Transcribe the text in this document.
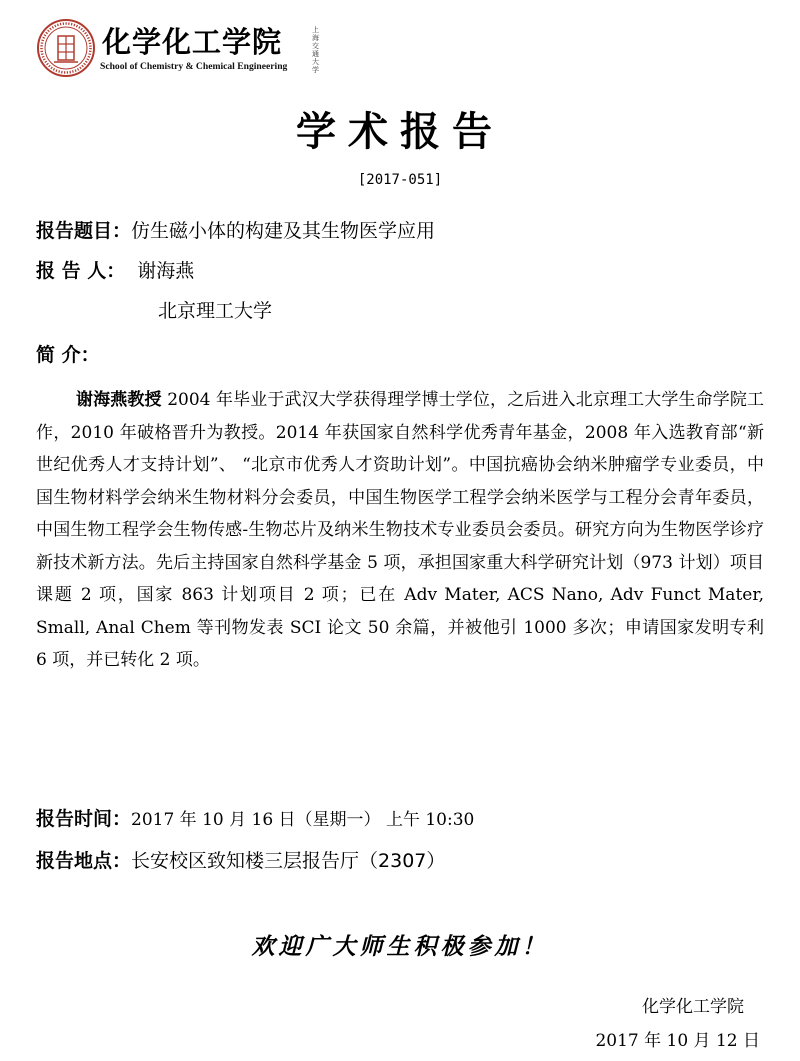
化学化工学院	上海交通大学
School of Chemistry & Chemical Engineering
学术报告
[2017-051]
报告题目：仿生磁小体的构建及其生物医学应用
报 告 人： 谢海燕
北京理工大学
简 介：

谢海燕教授 2004 年毕业于武汉大学获得理学博士学位，之后进入北京理工大学生命学院工作，2010 年破格晋升为教授。2014 年获国家自然科学优秀青年基金，2008 年入选教育部“新世纪优秀人才支持计划”、 “北京市优秀人才资助计划”。中国抗癌协会纳米肿瘤学专业委员，中国生物材料学会纳米生物材料分会委员，中国生物医学工程学会纳米医学与工程分会青年委员，中国生物工程学会生物传感-生物芯片及纳米生物技术专业委员会委员。研究方向为生物医学诊疗新技术新方法。先后主持国家自然科学基金 5 项，承担国家重大科学研究计划（973 计划）项目课题 2 项，国家 863 计划项目 2 项；已在 Adv Mater, ACS Nano, Adv Funct Mater, Small, Anal Chem 等刊物发表 SCI 论文 50 余篇，并被他引 1000 多次；申请国家发明专利 6 项，并已转化 2 项。

报告时间：2017 年 10 月 16 日（星期一） 上午 10:30
报告地点：长安校区致知楼三层报告厅（2307）
欢迎广大师生积极参加！
化学化工学院
2017 年 10 月 12 日
